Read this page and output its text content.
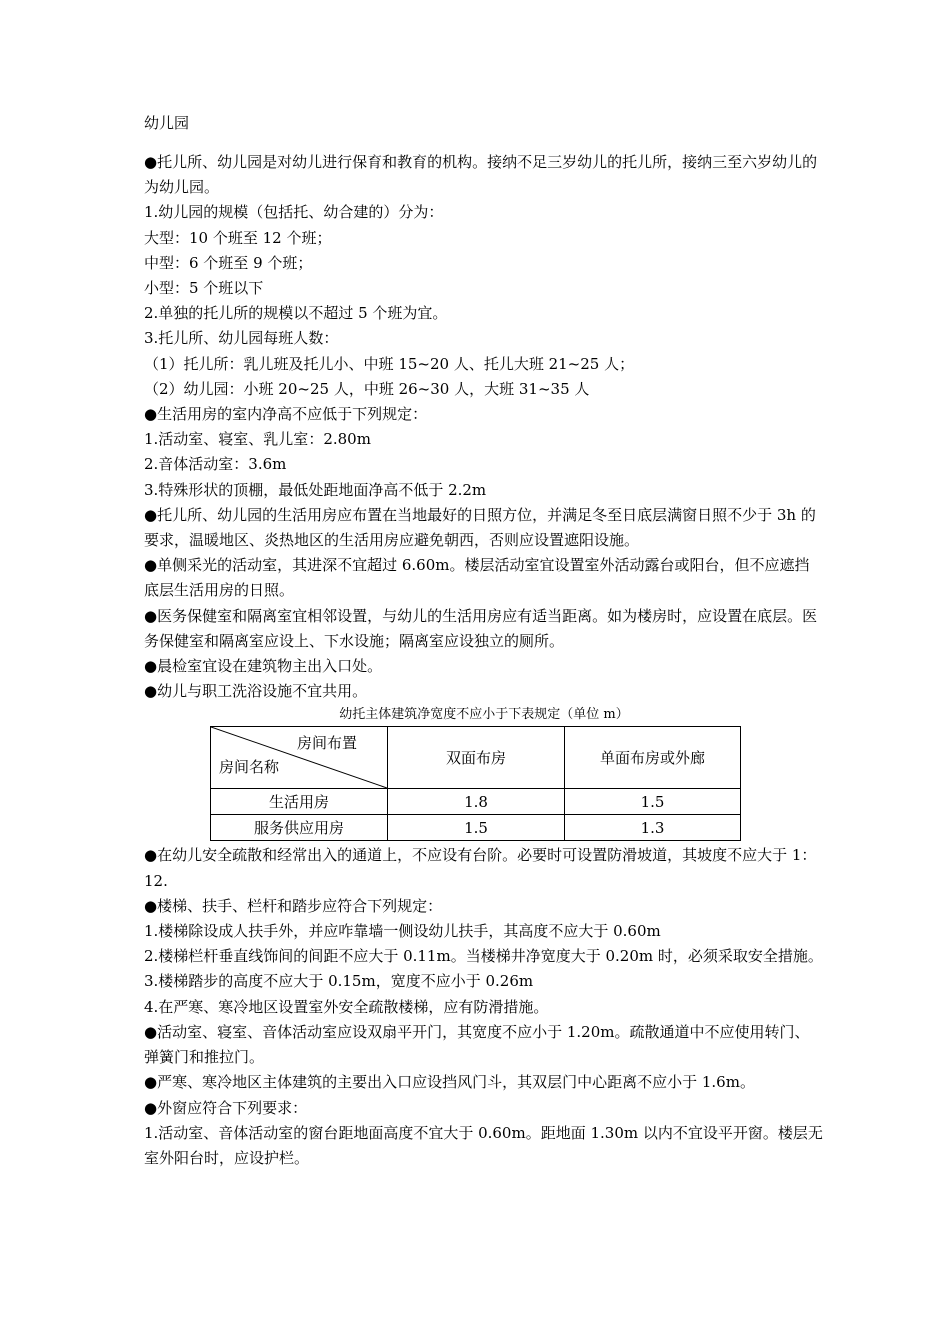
幼儿园

●托儿所、幼儿园是对幼儿进行保育和教育的机构。接纳不足三岁幼儿的托儿所，接纳三至六岁幼儿的为幼儿园。

1.幼儿园的规模（包括托、幼合建的）分为：

大型：10 个班至 12 个班；

中型：6 个班至 9 个班；

小型：5 个班以下

2.单独的托儿所的规模以不超过 5 个班为宜。

3.托儿所、幼儿园每班人数：

（1）托儿所：乳儿班及托儿小、中班 15~20 人、托儿大班 21~25 人；

（2）幼儿园：小班 20~25 人，中班 26~30 人，大班 31~35 人

●生活用房的室内净高不应低于下列规定：

1.活动室、寝室、乳儿室：2.80m

2.音体活动室：3.6m

3.特殊形状的顶棚，最低处距地面净高不低于 2.2m

●托儿所、幼儿园的生活用房应布置在当地最好的日照方位，并满足冬至日底层满窗日照不少于 3h 的要求，温暖地区、炎热地区的生活用房应避免朝西，否则应设置遮阳设施。

●单侧采光的活动室，其进深不宜超过 6.60m。楼层活动室宜设置室外活动露台或阳台，但不应遮挡底层生活用房的日照。

●医务保健室和隔离室宜相邻设置，与幼儿的生活用房应有适当距离。如为楼房时，应设置在底层。医务保健室和隔离室应设上、下水设施；隔离室应设独立的厕所。

●晨检室宜设在建筑物主出入口处。

●幼儿与职工洗浴设施不宜共用。

幼托主体建筑净宽度不应小于下表规定（单位 m）
房间布置
房间名称	双面布房	单面布房或外廊
生活用房	1.8	1.5
服务供应用房	1.5	1.3

●在幼儿安全疏散和经常出入的通道上，不应设有台阶。必要时可设置防滑坡道，其坡度不应大于 1：12.

●楼梯、扶手、栏杆和踏步应符合下列规定：

1.楼梯除设成人扶手外，并应咋靠墙一侧设幼儿扶手，其高度不应大于 0.60m

2.楼梯栏杆垂直线饰间的间距不应大于 0.11m。当楼梯井净宽度大于 0.20m 时，必须采取安全措施。

3.楼梯踏步的高度不应大于 0.15m，宽度不应小于 0.26m

4.在严寒、寒冷地区设置室外安全疏散楼梯，应有防滑措施。

●活动室、寝室、音体活动室应设双扇平开门，其宽度不应小于 1.20m。疏散通道中不应使用转门、弹簧门和推拉门。

●严寒、寒冷地区主体建筑的主要出入口应设挡风门斗，其双层门中心距离不应小于 1.6m。

●外窗应符合下列要求：

1.活动室、音体活动室的窗台距地面高度不宜大于 0.60m。距地面 1.30m 以内不宜设平开窗。楼层无室外阳台时，应设护栏。
